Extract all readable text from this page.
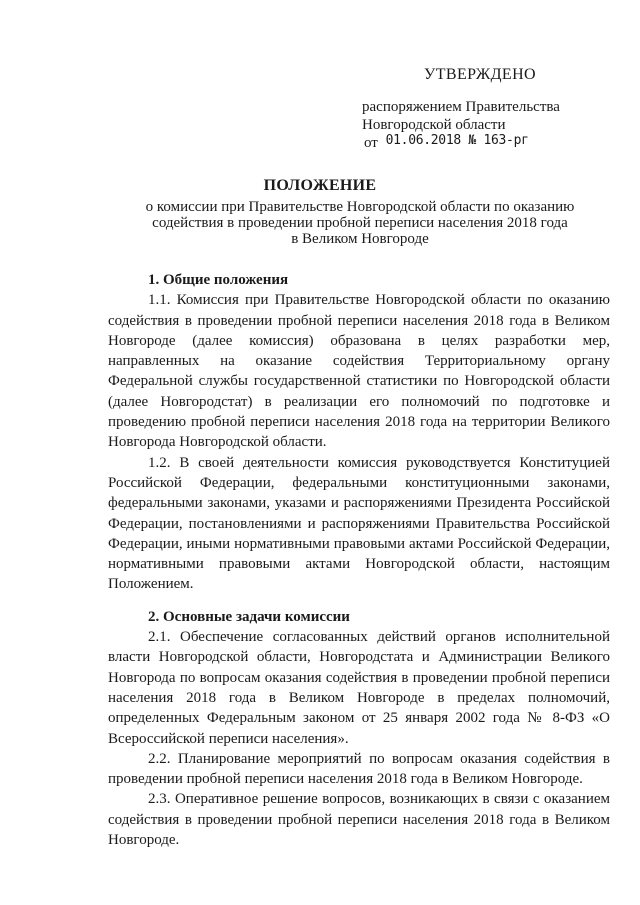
УТВЕРЖДЕНО
распоряжением Правительства
Новгородской области
от 01.06.2018 № 163-рг
ПОЛОЖЕНИЕ
о комиссии при Правительстве Новгородской области по оказанию
содействия в проведении пробной переписи населения 2018 года
в Великом Новгороде
1. Общие положения

1.1. Комиссия при Правительстве Новгородской области по оказанию содействия в проведении пробной переписи населения 2018 года в Великом Новгороде (далее комиссия) образована в целях разработки мер, направленных на оказание содействия Территориальному органу Федеральной службы государственной статистики по Новгородской области (далее Новгородстат) в реализации его полномочий по подготовке и проведению пробной переписи населения 2018 года на территории Великого Новгорода Новгородской области.

1.2. В своей деятельности комиссия руководствуется Конституцией Российской Федерации, федеральными конституционными законами, федеральными законами, указами и распоряжениями Президента Российской Федерации, постановлениями и распоряжениями Правительства Российской Федерации, иными нормативными правовыми актами Российской Федерации, нормативными правовыми актами Новгородской области, настоящим Положением.

2. Основные задачи комиссии

2.1. Обеспечение согласованных действий органов исполнительной власти Новгородской области, Новгородстата и Администрации Великого Новгорода по вопросам оказания содействия в проведении пробной переписи населения 2018 года в Великом Новгороде в пределах полномочий, определенных Федеральным законом от 25 января 2002 года № 8-ФЗ «О Всероссийской переписи населения».

2.2. Планирование мероприятий по вопросам оказания содействия в проведении пробной переписи населения 2018 года в Великом Новгороде.

2.3. Оперативное решение вопросов, возникающих в связи с оказанием содействия в проведении пробной переписи населения 2018 года в Великом Новгороде.
